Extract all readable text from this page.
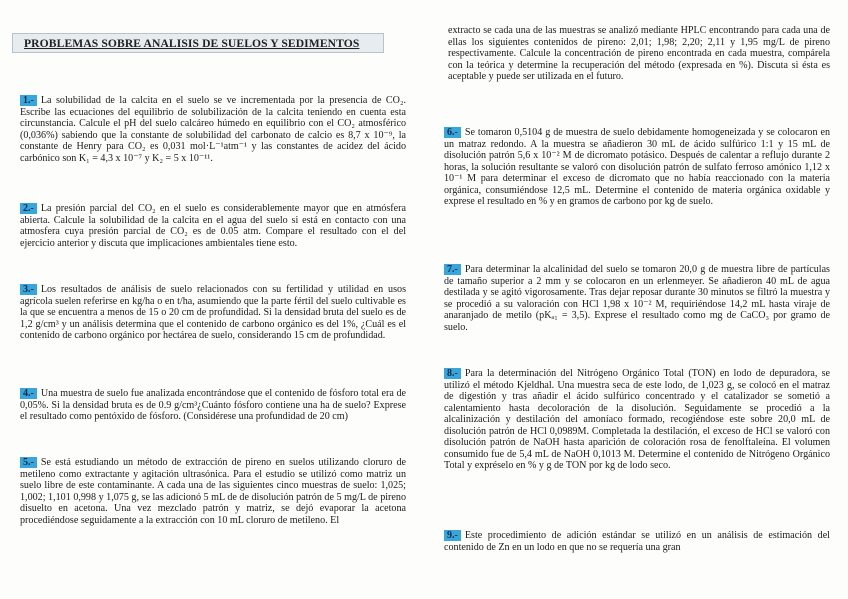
PROBLEMAS SOBRE ANALISIS DE SUELOS Y SEDIMENTOS
1.- La solubilidad de la calcita en el suelo se ve incrementada por la presencia de CO₂. Escribe las ecuaciones del equilibrio de solubilización de la calcita teniendo en cuenta esta circunstancia. Calcule el pH del suelo calcáreo húmedo en equilibrio con el CO₂ atmosférico (0,036%) sabiendo que la constante de solubilidad del carbonato de calcio es 8,7 x 10⁻⁹, la constante de Henry para CO₂ es 0,031 mol·L⁻¹atm⁻¹ y las constantes de acidez del ácido carbónico son K₁ = 4,3 x 10⁻⁷ y K₂ = 5 x 10⁻¹¹.
2.- La presión parcial del CO₂ en el suelo es considerablemente mayor que en atmósfera abierta. Calcule la solubilidad de la calcita en el agua del suelo si está en contacto con una atmosfera cuya presión parcial de CO₂ es de 0.05 atm. Compare el resultado con el del ejercicio anterior y discuta que implicaciones ambientales tiene esto.
3.- Los resultados de análisis de suelo relacionados con su fertilidad y utilidad en usos agrícola suelen referirse en kg/ha o en t/ha, asumiendo que la parte fértil del suelo cultivable es la que se encuentra a menos de 15 o 20 cm de profundidad. Si la densidad bruta del suelo es de 1,2 g/cm³ y un análisis determina que el contenido de carbono orgánico es del 1%, ¿Cuál es el contenido de carbono orgánico por hectárea de suelo, considerando 15 cm de profundidad.
4.- Una muestra de suelo fue analizada encontrándose que el contenido de fósforo total era de 0,05%. Si la densidad bruta es de 0.9 g/cm³¿Cuánto fósforo contiene una ha de suelo? Exprese el resultado como pentóxido de fósforo. (Considérese una profundidad de 20 cm)
5.- Se está estudiando un método de extracción de pireno en suelos utilizando cloruro de metileno como extractante y agitación ultrasónica. Para el estudio se utilizó como matriz un suelo libre de este contaminante. A cada una de las siguientes cinco muestras de suelo: 1,025; 1,002; 1,101 0,998 y 1,075 g, se las adicionó 5 mL de de disolución patrón de 5 mg/L de pireno disuelto en acetona. Una vez mezclado patrón y matriz, se dejó evaporar la acetona procediéndose seguidamente a la extracción con 10 mL cloruro de metileno. El
extracto se cada una de las muestras se analizó mediante HPLC encontrando para cada una de ellas los siguientes contenidos de pireno: 2,01; 1,98; 2,20; 2,11 y 1,95 mg/L de pireno respectivamente. Calcule la concentración de pireno encontrada en cada muestra, compárela con la teórica y determine la recuperación del método (expresada en %). Discuta si ésta es aceptable y puede ser utilizada en el futuro.
6.- Se tomaron 0,5104 g de muestra de suelo debidamente homogeneizada y se colocaron en un matraz redondo. A la muestra se añadieron 30 mL de ácido sulfúrico 1:1 y 15 mL de disolución patrón 5,6 x 10⁻² M de dicromato potásico. Después de calentar a reflujo durante 2 horas, la solución resultante se valoró con disolución patrón de sulfato ferroso amónico 1,12 x 10⁻¹ M para determinar el exceso de dicromato que no había reaccionado con la materia orgánica, consumiéndose 12,5 mL. Determine el contenido de materia orgánica oxidable y exprese el resultado en % y en gramos de carbono por kg de suelo.
7.- Para determinar la alcalinidad del suelo se tomaron 20,0 g de muestra libre de partículas de tamaño superior a 2 mm y se colocaron en un erlenmeyer. Se añadieron 40 mL de agua destilada y se agitó vigorosamente. Tras dejar reposar durante 30 minutos se filtró la muestra y se procedió a su valoración con HCl 1,98 x 10⁻² M, requiriéndose 14,2 mL hasta viraje de anaranjado de metilo (pKₐ₁ = 3,5). Exprese el resultado como mg de CaCO₃ por gramo de suelo.
8.- Para la determinación del Nitrógeno Orgánico Total (TON) en lodo de depuradora, se utilizó el método Kjeldhal. Una muestra seca de este lodo, de 1,023 g, se colocó en el matraz de digestión y tras añadir el ácido sulfúrico concentrado y el catalizador se sometió a calentamiento hasta decoloración de la disolución. Seguidamente se procedió a la alcalinización y destilación del amoníaco formado, recogiéndose este sobre 20,0 mL de disolución patrón de HCl 0,0989M. Completada la destilación, el exceso de HCl se valoró con disolución patrón de NaOH hasta aparición de coloración rosa de fenolftaleína. El volumen consumido fue de 5,4 mL de NaOH 0,1013 M. Determine el contenido de Nitrógeno Orgánico Total y expréselo en % y g de TON por kg de lodo seco.
9.- Este procedimiento de adición estándar se utilizó en un análisis de estimación del contenido de Zn en un lodo en que no se requería una gran
